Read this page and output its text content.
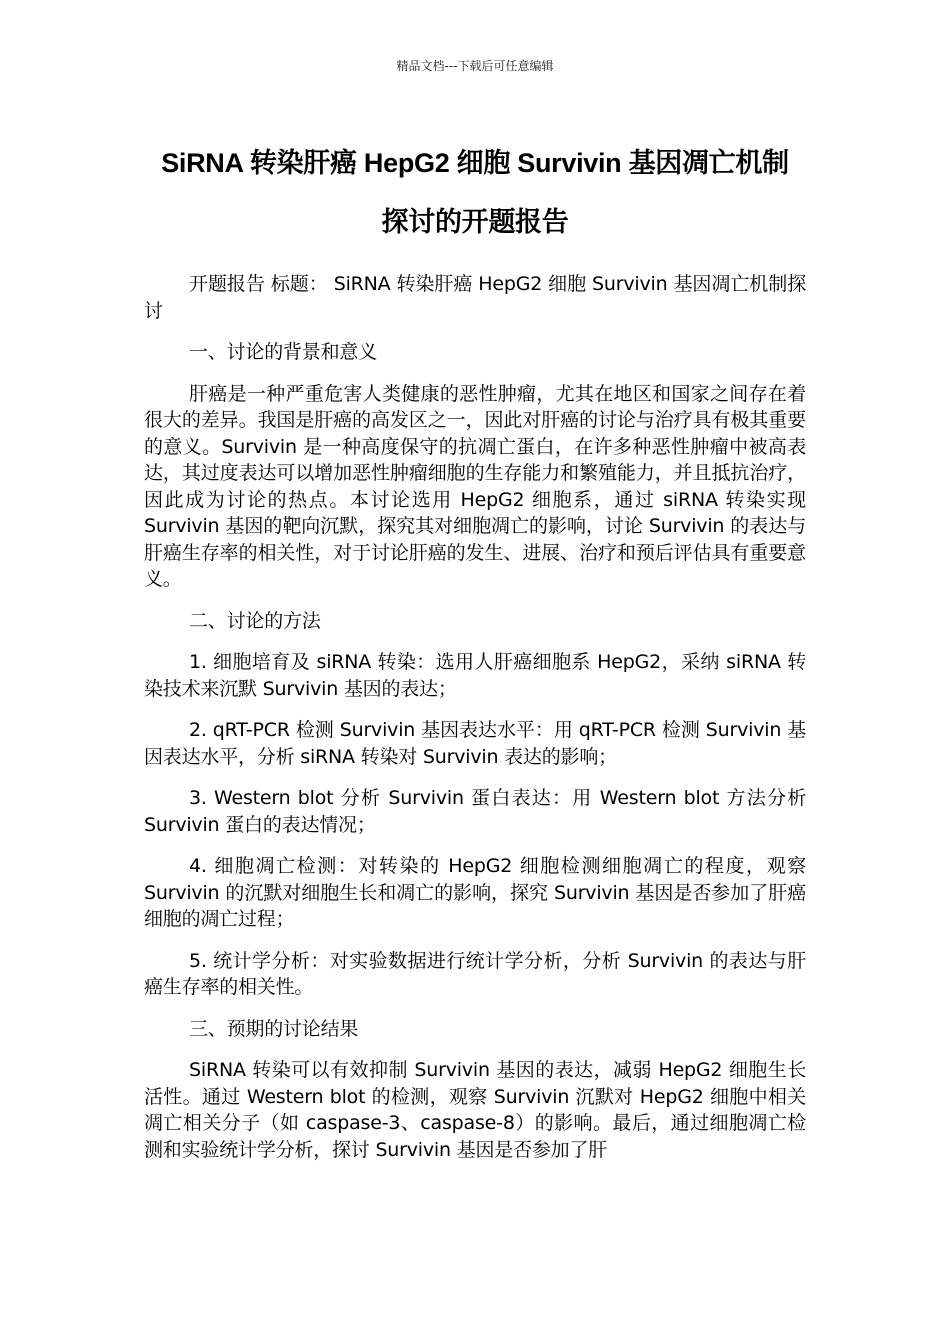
精品文档---下载后可任意编辑
SiRNA 转染肝癌 HepG2 细胞 Survivin 基因凋亡机制
探讨的开题报告

开题报告 标题： SiRNA 转染肝癌 HepG2 细胞 Survivin 基因凋亡机制探讨

一、讨论的背景和意义

肝癌是一种严重危害人类健康的恶性肿瘤，尤其在地区和国家之间存在着很大的差异。我国是肝癌的高发区之一，因此对肝癌的讨论与治疗具有极其重要的意义。Survivin 是一种高度保守的抗凋亡蛋白，在许多种恶性肿瘤中被高表达，其过度表达可以增加恶性肿瘤细胞的生存能力和繁殖能力，并且抵抗治疗，因此成为讨论的热点。本讨论选用 HepG2 细胞系，通过 siRNA 转染实现 Survivin 基因的靶向沉默，探究其对细胞凋亡的影响，讨论 Survivin 的表达与肝癌生存率的相关性，对于讨论肝癌的发生、进展、治疗和预后评估具有重要意义。

二、讨论的方法

1. 细胞培育及 siRNA 转染：选用人肝癌细胞系 HepG2，采纳 siRNA 转染技术来沉默 Survivin 基因的表达；

2. qRT-PCR 检测 Survivin 基因表达水平：用 qRT-PCR 检测 Survivin 基因表达水平，分析 siRNA 转染对 Survivin 表达的影响；

3. Western blot 分析 Survivin 蛋白表达：用 Western blot 方法分析 Survivin 蛋白的表达情况；

4. 细胞凋亡检测：对转染的 HepG2 细胞检测细胞凋亡的程度，观察 Survivin 的沉默对细胞生长和凋亡的影响，探究 Survivin 基因是否参加了肝癌细胞的凋亡过程；

5. 统计学分析：对实验数据进行统计学分析，分析 Survivin 的表达与肝癌生存率的相关性。

三、预期的讨论结果

SiRNA 转染可以有效抑制 Survivin 基因的表达，减弱 HepG2 细胞生长活性。通过 Western blot 的检测，观察 Survivin 沉默对 HepG2 细胞中相关凋亡相关分子（如 caspase-3、caspase-8）的影响。最后，通过细胞凋亡检测和实验统计学分析，探讨 Survivin 基因是否参加了肝
